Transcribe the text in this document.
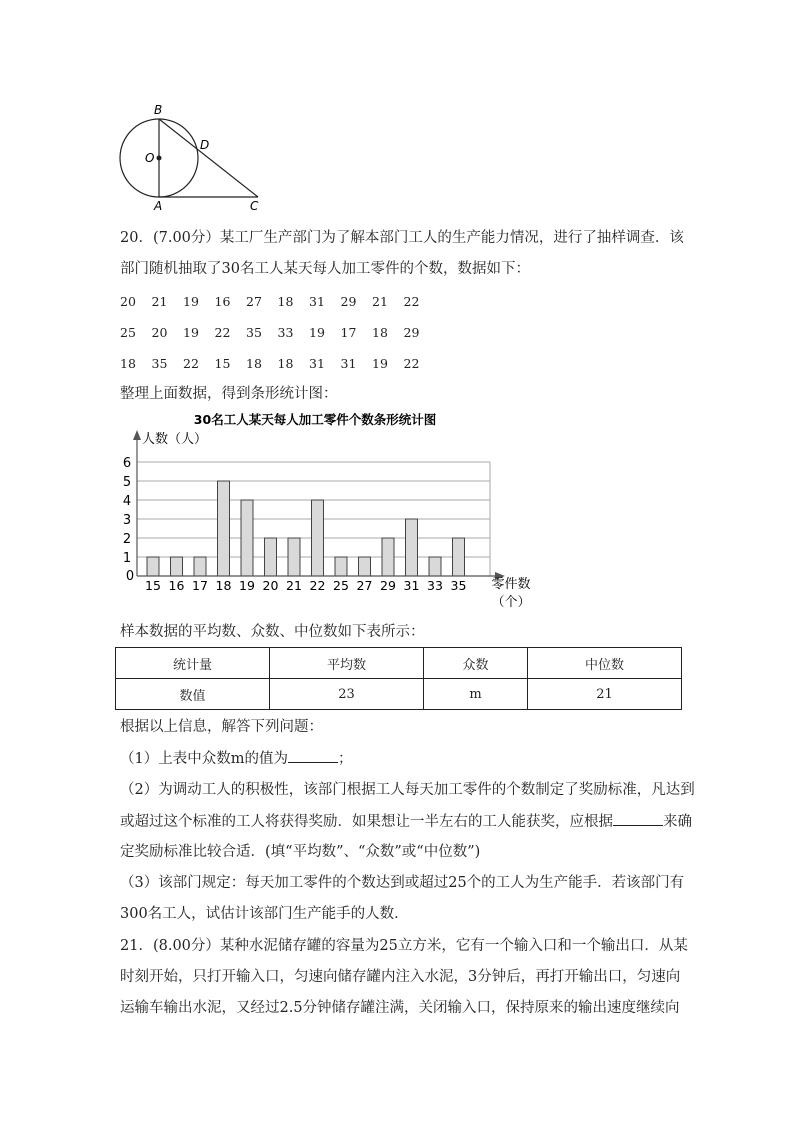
B
O
D
A	C
20．(7.00分）某工厂生产部门为了解本部门工人的生产能力情况，进行了抽样调查．该
部门随机抽取了30名工人某天每人加工零件的个数，数据如下：
20	21	19	16	27	18	31	29	21	22
25	20	19	22	35	33	19	17	18	29
18	35	22	15	18	18	31	31	19	22
整理上面数据，得到条形统计图：
30名工人某天每人加工零件个数条形统计图
人数（人）
0
1
2
3
4
5
6
15 16 17 18 19 20 21 22 25 27 29 31 33 35 零件数
（个）
样本数据的平均数、众数、中位数如下表所示：
统计量	平均数	众数	中位数
数值	23	m	21
根据以上信息，解答下列问题：
（1）上表中众数m的值为	；
（2）为调动工人的积极性，该部门根据工人每天加工零件的个数制定了奖励标准，凡达到
或超过这个标准的工人将获得奖励．如果想让一半左右的工人能获奖，应根据	来确
定奖励标准比较合适．(填“平均数”、“众数”或“中位数”)
（3）该部门规定：每天加工零件的个数达到或超过25个的工人为生产能手．若该部门有
300名工人，试估计该部门生产能手的人数．
21．(8.00分）某种水泥储存罐的容量为25立方米，它有一个输入口和一个输出口．从某
时刻开始，只打开输入口，匀速向储存罐内注入水泥，3分钟后，再打开输出口，匀速向
运输车输出水泥，又经过2.5分钟储存罐注满，关闭输入口，保持原来的输出速度继续向
